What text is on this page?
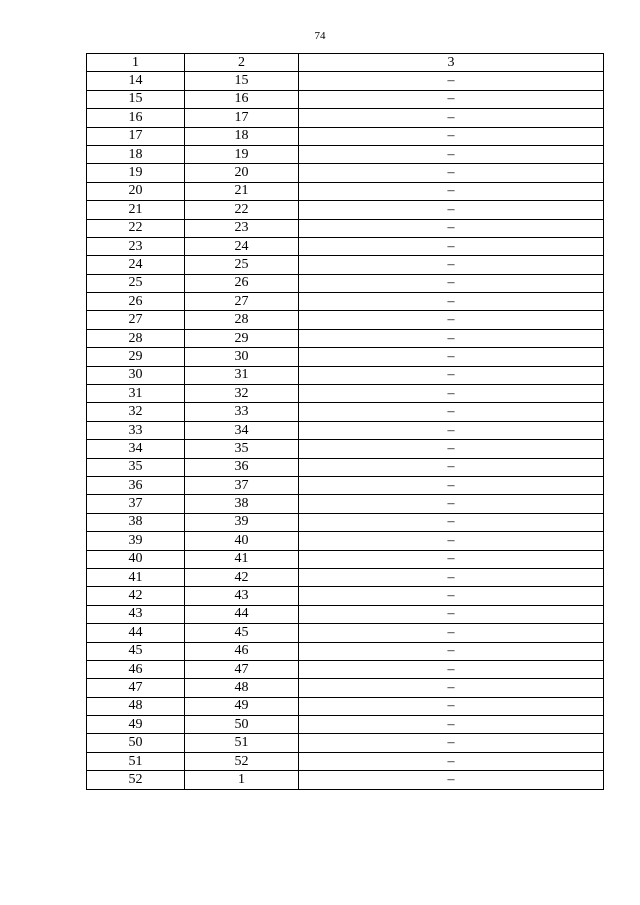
74
1	2	3
14	15	–
15	16	–
16	17	–
17	18	–
18	19	–
19	20	–
20	21	–
21	22	–
22	23	–
23	24	–
24	25	–
25	26	–
26	27	–
27	28	–
28	29	–
29	30	–
30	31	–
31	32	–
32	33	–
33	34	–
34	35	–
35	36	–
36	37	–
37	38	–
38	39	–
39	40	–
40	41	–
41	42	–
42	43	–
43	44	–
44	45	–
45	46	–
46	47	–
47	48	–
48	49	–
49	50	–
50	51	–
51	52	–
52	1	–
